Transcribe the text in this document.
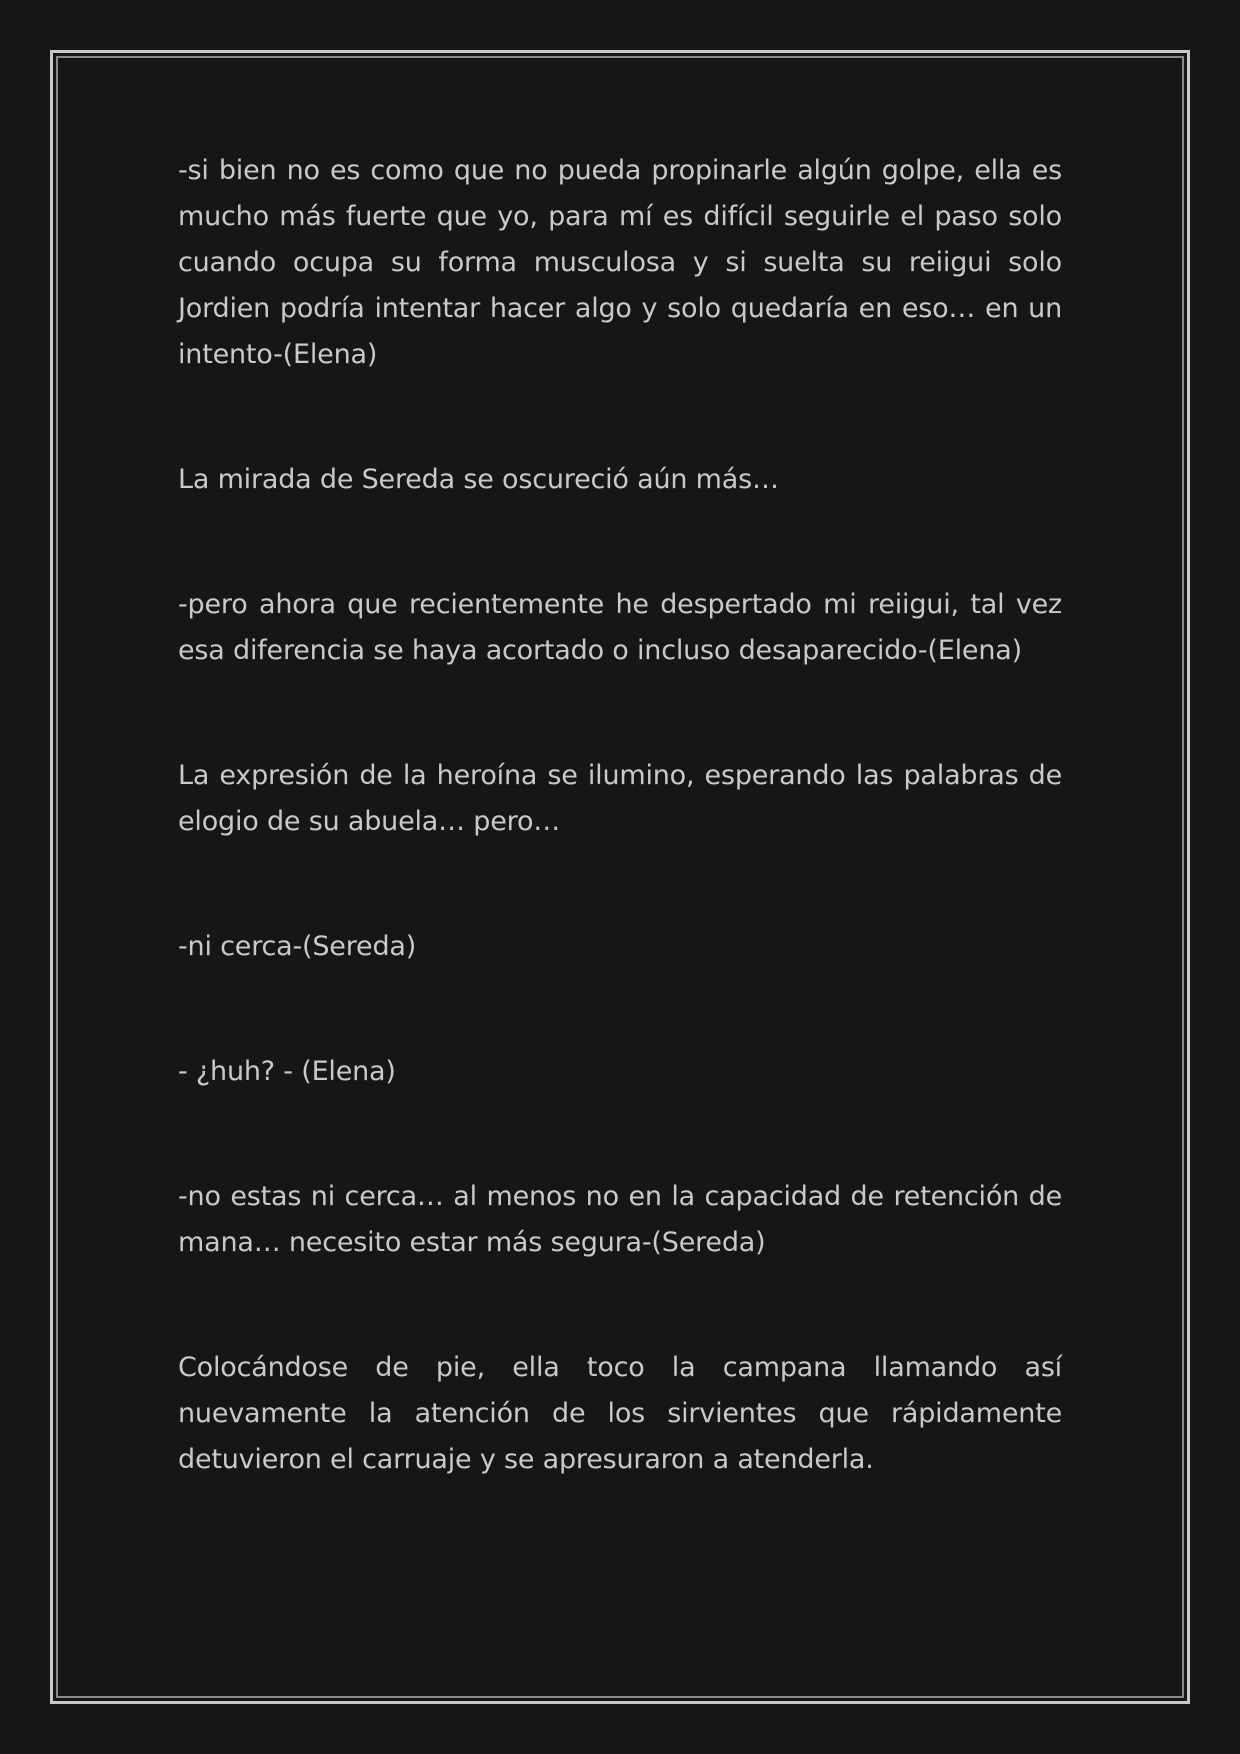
-si bien no es como que no pueda propinarle algún golpe, ella es mucho más fuerte que yo, para mí es difícil seguirle el paso solo cuando ocupa su forma musculosa y si suelta su reiigui solo Jordien podría intentar hacer algo y solo quedaría en eso… en un intento-(Elena)

La mirada de Sereda se oscureció aún más…

-pero ahora que recientemente he despertado mi reiigui, tal vez esa diferencia se haya acortado o incluso desaparecido-(Elena)

La expresión de la heroína se ilumino, esperando las palabras de elogio de su abuela… pero…

-ni cerca-(Sereda)

- ¿huh? - (Elena)

-no estas ni cerca… al menos no en la capacidad de retención de mana… necesito estar más segura-(Sereda)

Colocándose de pie, ella toco la campana llamando así nuevamente la atención de los sirvientes que rápidamente detuvieron el carruaje y se apresuraron a atenderla.
